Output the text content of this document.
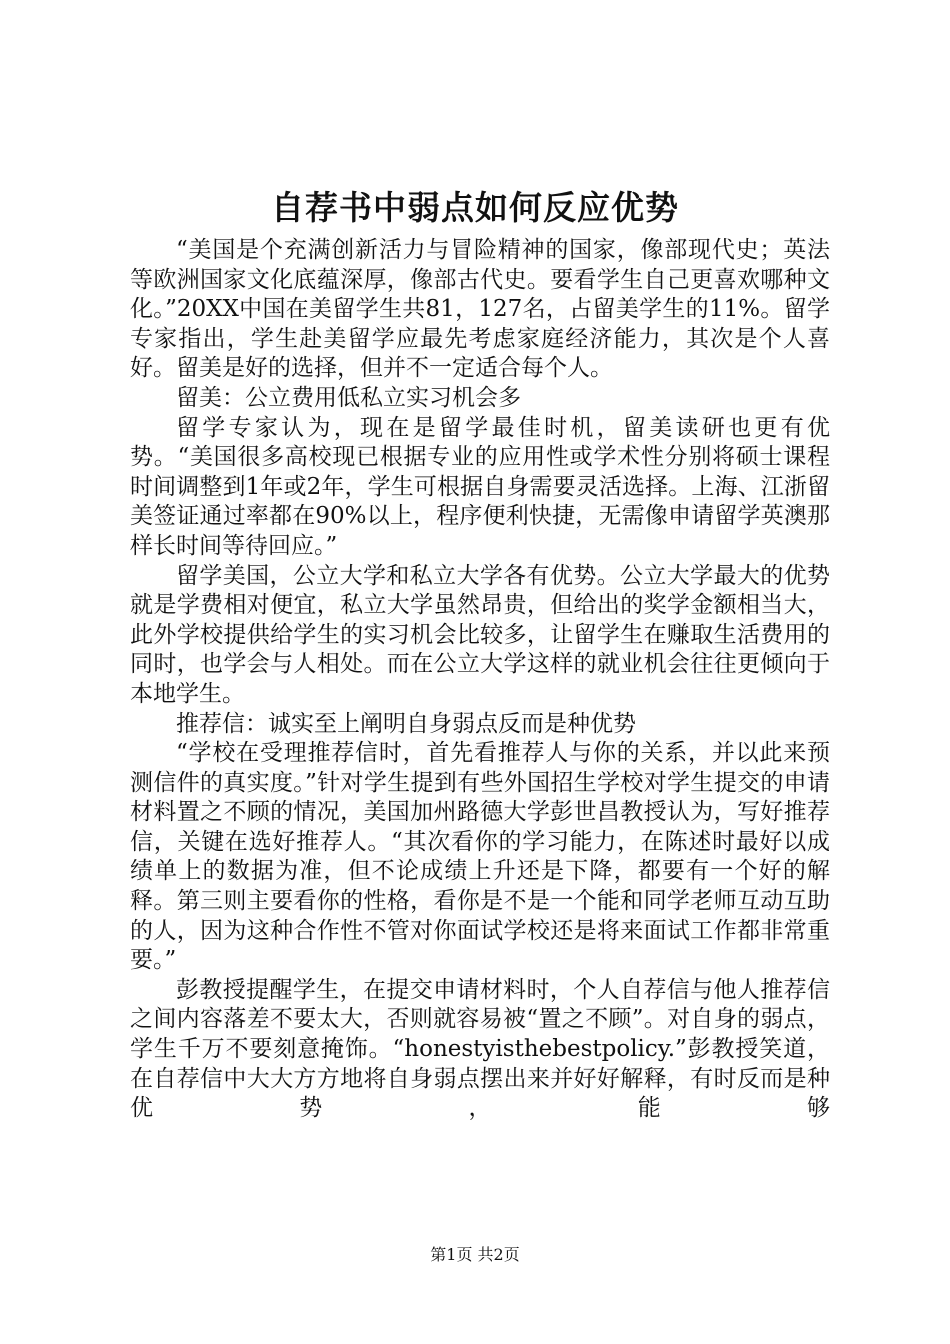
自荐书中弱点如何反应优势

“美国是个充满创新活力与冒险精神的国家，像部现代史；英法等欧洲国家文化底蕴深厚，像部古代史。要看学生自己更喜欢哪种文化。”20XX中国在美留学生共81，127名，占留美学生的11%。留学专家指出，学生赴美留学应最先考虑家庭经济能力，其次是个人喜好。留美是好的选择，但并不一定适合每个人。

留美：公立费用低私立实习机会多

留学专家认为，现在是留学最佳时机，留美读研也更有优势。“美国很多高校现已根据专业的应用性或学术性分别将硕士课程时间调整到1年或2年，学生可根据自身需要灵活选择。上海、江浙留美签证通过率都在90%以上，程序便利快捷，无需像申请留学英澳那样长时间等待回应。”

留学美国，公立大学和私立大学各有优势。公立大学最大的优势就是学费相对便宜，私立大学虽然昂贵，但给出的奖学金额相当大，此外学校提供给学生的实习机会比较多，让留学生在赚取生活费用的同时，也学会与人相处。而在公立大学这样的就业机会往往更倾向于本地学生。

推荐信：诚实至上阐明自身弱点反而是种优势

“学校在受理推荐信时，首先看推荐人与你的关系，并以此来预测信件的真实度。”针对学生提到有些外国招生学校对学生提交的申请材料置之不顾的情况，美国加州路德大学彭世昌教授认为，写好推荐信，关键在选好推荐人。“其次看你的学习能力，在陈述时最好以成绩单上的数据为准，但不论成绩上升还是下降，都要有一个好的解释。第三则主要看你的性格，看你是不是一个能和同学老师互动互助的人，因为这种合作性不管对你面试学校还是将来面试工作都非常重要。”

彭教授提醒学生，在提交申请材料时，个人自荐信与他人推荐信之间内容落差不要太大，否则就容易被“置之不顾”。对自身的弱点，学生千万不要刻意掩饰。“honestyisthebestpolicy.”彭教授笑道，在自荐信中大大方方地将自身弱点摆出来并好好解释，有时反而是种优势，能够

第1页 共2页
